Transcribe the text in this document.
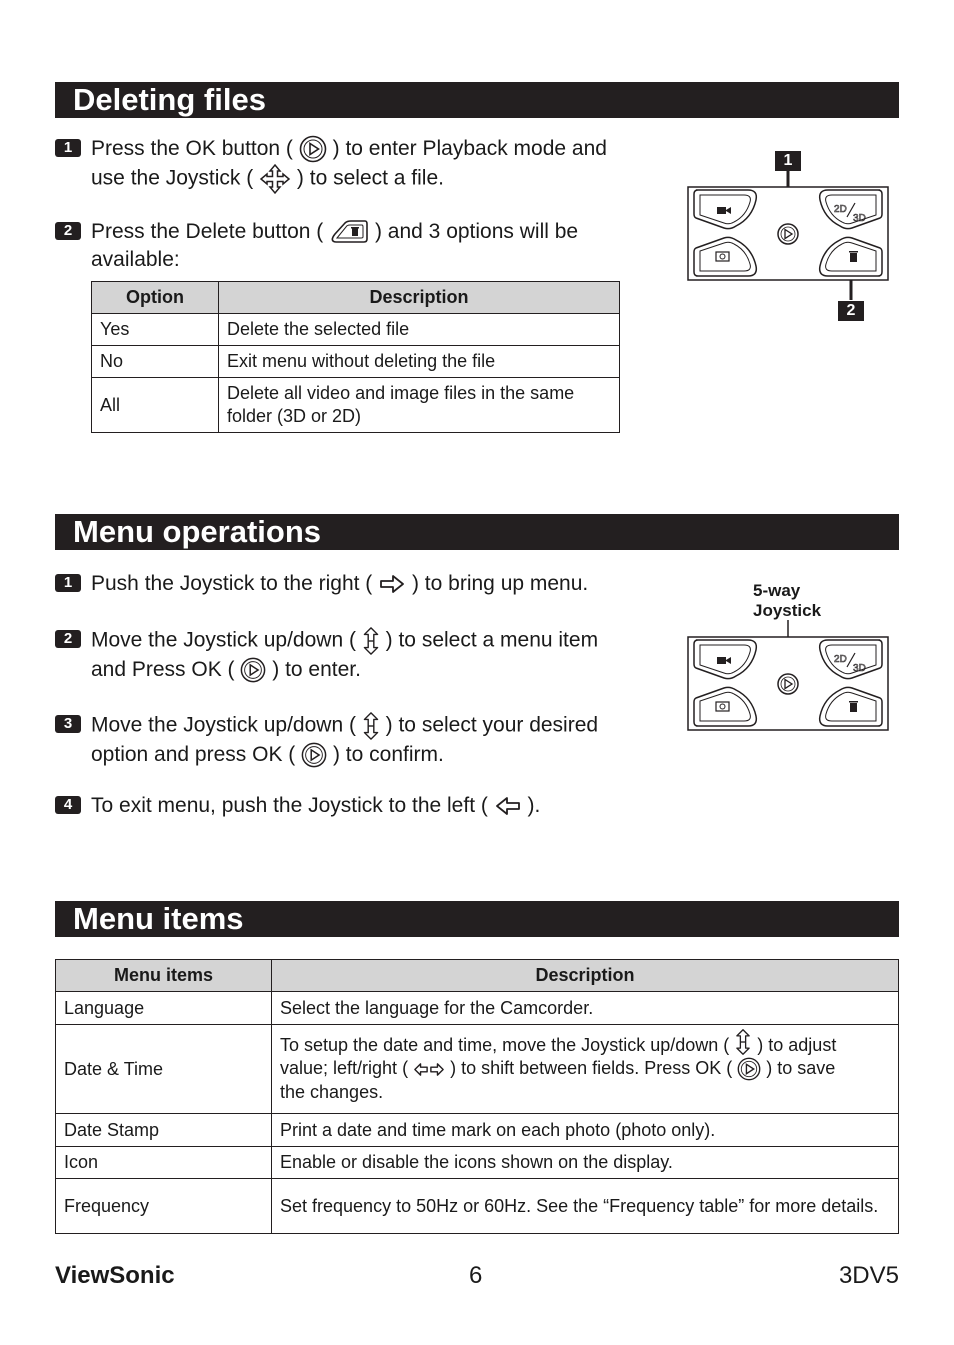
Deleting files
1 Press the OK button ( ) to enter Playback mode and
use the Joystick ( ) to select a file.
2 Press the Delete button ( ) and 3 options will be
available:
Option	Description
Yes	Delete the selected file
No	Exit menu without deleting the file
All	Delete all video and image files in the same folder (3D or 2D)
1
2
2D
3D
Menu operations
1 Push the Joystick to the right ( ) to bring up menu.
2 Move the Joystick up/down ( ) to select a menu item
and Press OK ( ) to enter.
3 Move the Joystick up/down ( ) to select your desired
option and press OK ( ) to confirm.
4 To exit menu, push the Joystick to the left ( ).
5-way
Joystick
2D
3D
Menu items
Menu items	Description
Language	Select the language for the Camcorder.
Date & Time	To setup the date and time, move the Joystick up/down ( ) to adjust
value; left/right ( ) to shift between fields. Press OK ( ) to save
the changes.
Date Stamp	Print a date and time mark on each photo (photo only).
Icon	Enable or disable the icons shown on the display.
Frequency	Set frequency to 50Hz or 60Hz. See the “Frequency table” for more details.
ViewSonic	6	3DV5
